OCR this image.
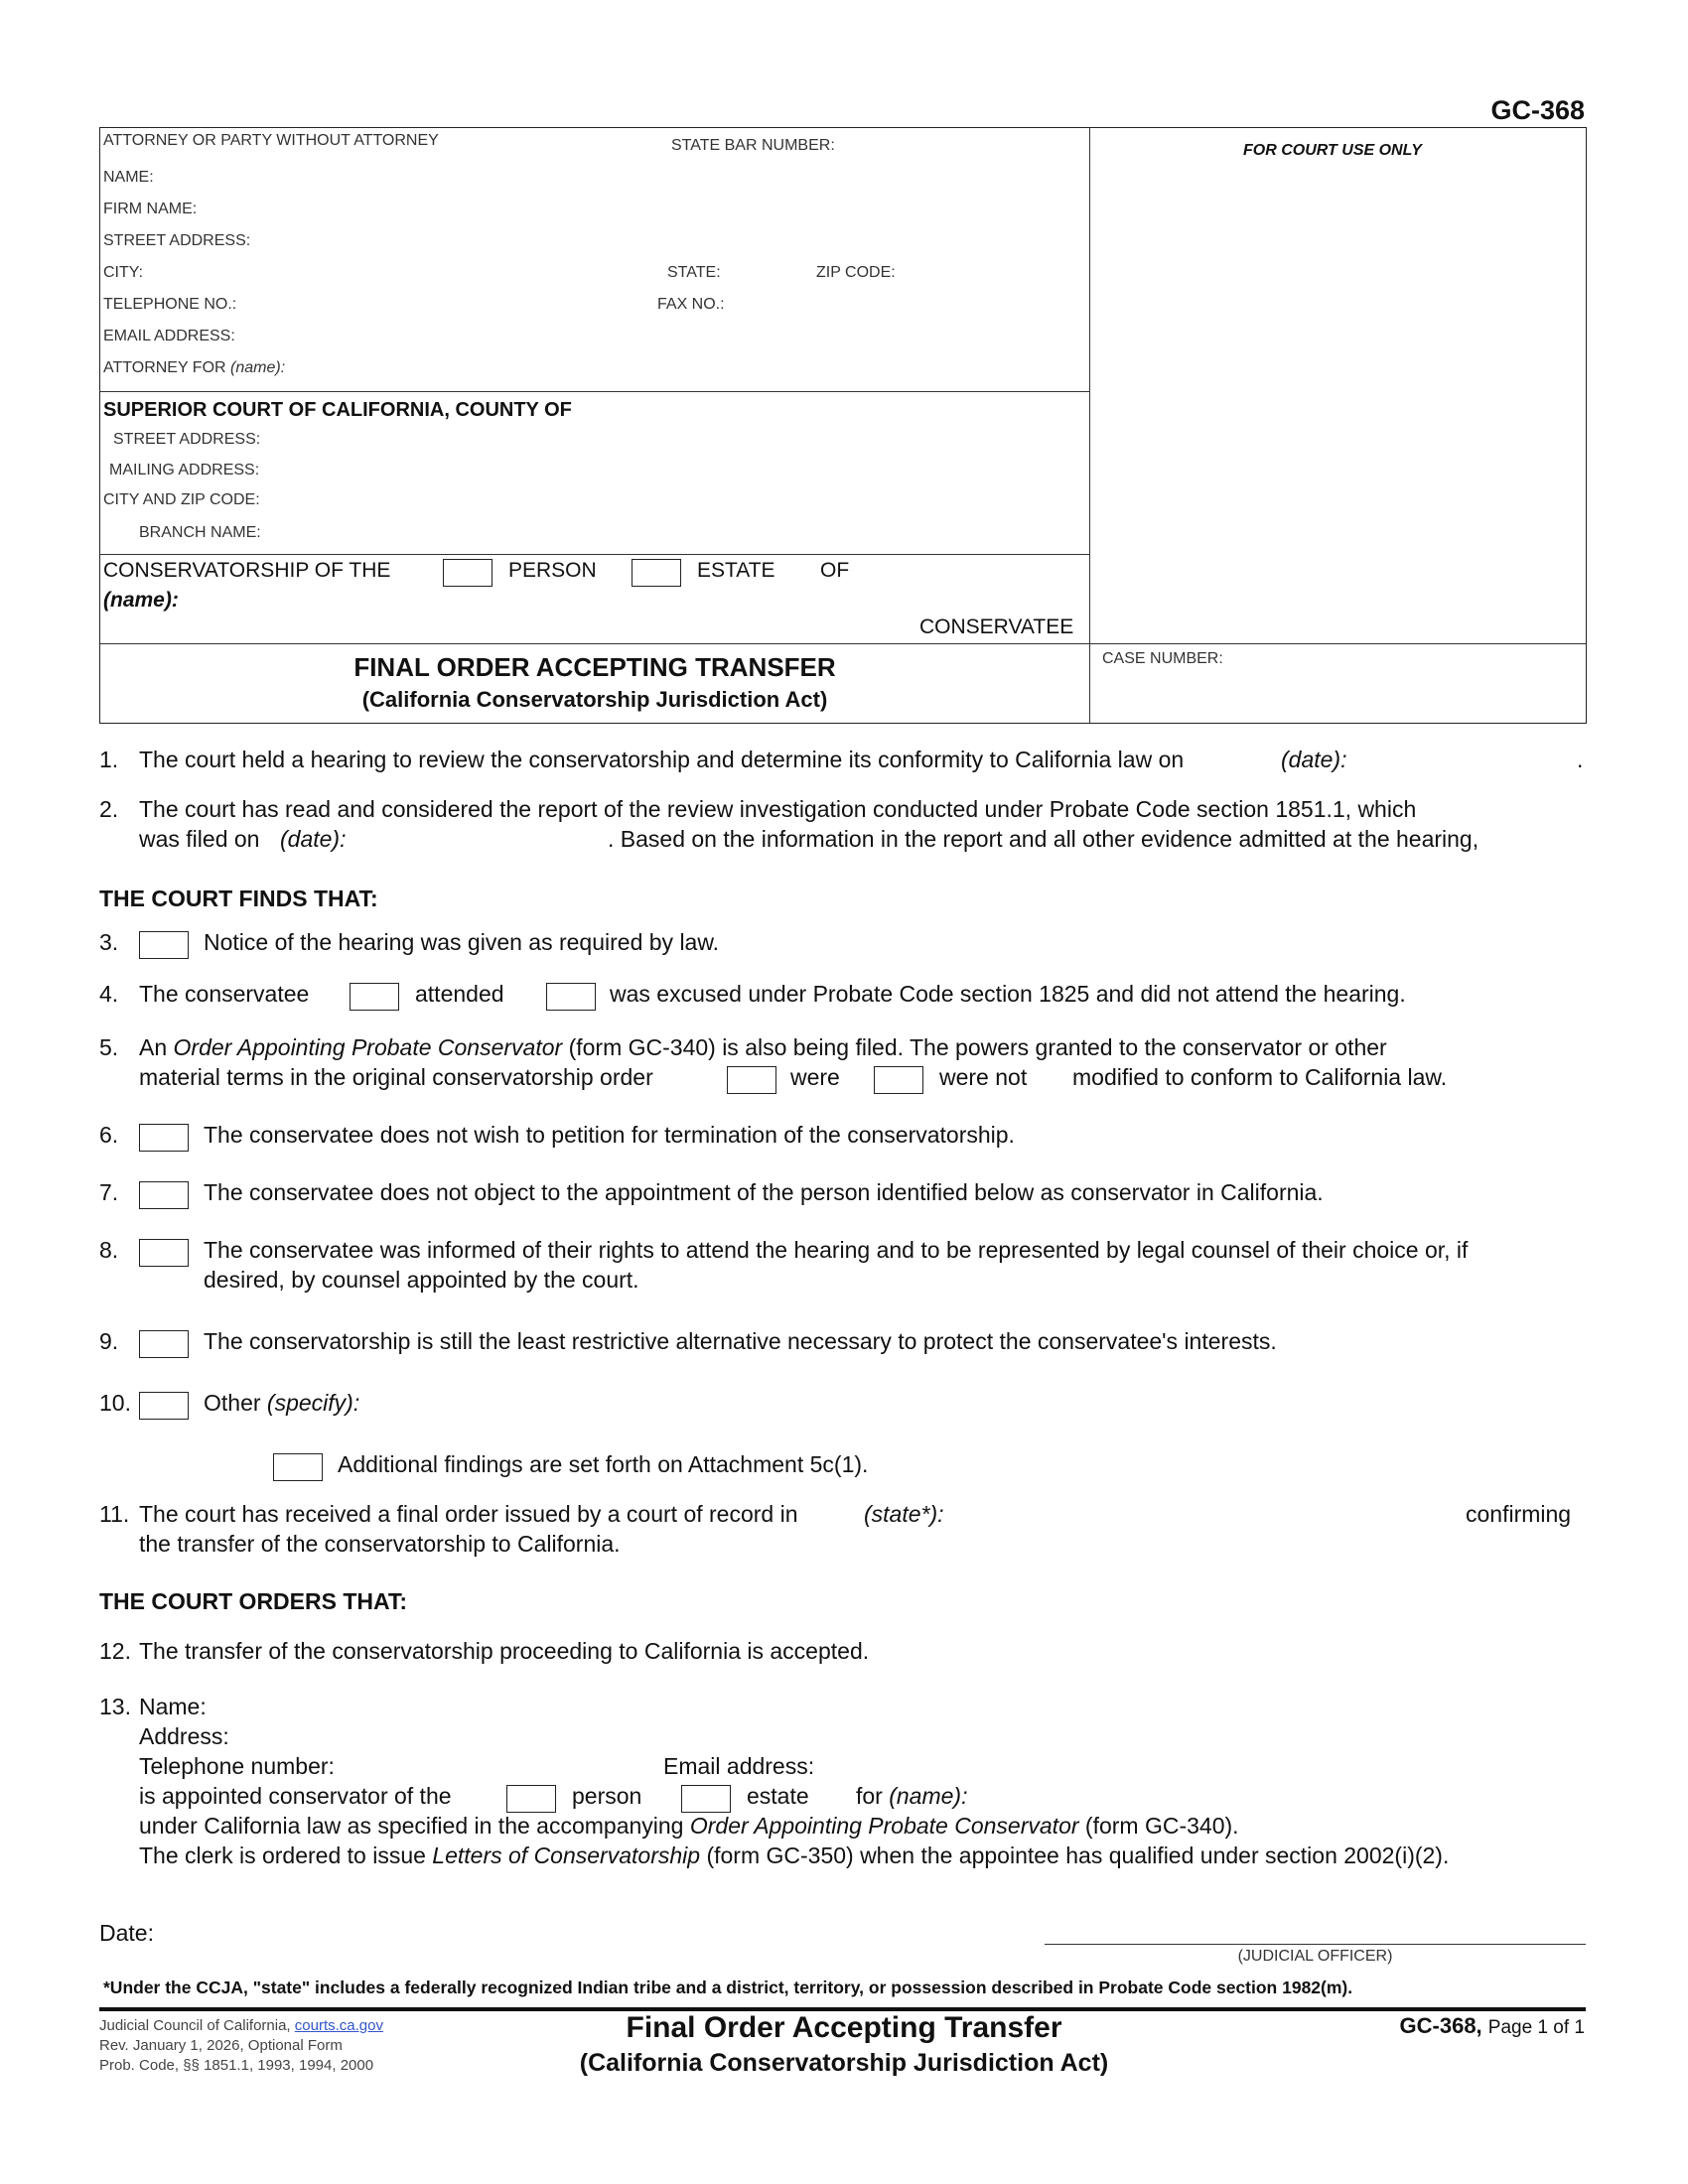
GC-368
ATTORNEY OR PARTY WITHOUT ATTORNEY	STATE BAR NUMBER:	FOR COURT USE ONLY
NAME:
FIRM NAME:
STREET ADDRESS:
CITY:	STATE:	ZIP CODE:
TELEPHONE NO.:	FAX NO.:
EMAIL ADDRESS:
ATTORNEY FOR (name):
SUPERIOR COURT OF CALIFORNIA, COUNTY OF
STREET ADDRESS:
MAILING ADDRESS:
CITY AND ZIP CODE:
BRANCH NAME:
CONSERVATORSHIP OF THE	PERSON	ESTATE OF
(name):
CONSERVATEE
FINAL ORDER ACCEPTING TRANSFER
(California Conservatorship Jurisdiction Act)
CASE NUMBER:
1. The court held a hearing to review the conservatorship and determine its conformity to California law on	(date):	.
2. The court has read and considered the report of the review investigation conducted under Probate Code section 1851.1, which
was filed on (date):	. Based on the information in the report and all other evidence admitted at the hearing,
THE COURT FINDS THAT:
3.	Notice of the hearing was given as required by law.
4. The conservatee	attended	was excused under Probate Code section 1825 and did not attend the hearing.
5. An Order Appointing Probate Conservator (form GC-340) is also being filed. The powers granted to the conservator or other
material terms in the original conservatorship order	were	were not modified to conform to California law.
6.	The conservatee does not wish to petition for termination of the conservatorship.
7.	The conservatee does not object to the appointment of the person identified below as conservator in California.
8.	The conservatee was informed of their rights to attend the hearing and to be represented by legal counsel of their choice or, if
desired, by counsel appointed by the court.
9.	The conservatorship is still the least restrictive alternative necessary to protect the conservatee's interests.
10.	Other (specify):
Additional findings are set forth on Attachment 5c(1).
11. The court has received a final order issued by a court of record in	(state*):	confirming
the transfer of the conservatorship to California.
THE COURT ORDERS THAT:
12. The transfer of the conservatorship proceeding to California is accepted.
13. Name:
Address:
Telephone number:	Email address:
is appointed conservator of the	person	estate for (name):
under California law as specified in the accompanying Order Appointing Probate Conservator (form GC-340).
The clerk is ordered to issue Letters of Conservatorship (form GC-350) when the appointee has qualified under section 2002(i)(2).
Date:
(JUDICIAL OFFICER)
*Under the CCJA, "state" includes a federally recognized Indian tribe and a district, territory, or possession described in Probate Code section 1982(m).
Judicial Council of California, courts.ca.gov
Rev. January 1, 2026, Optional Form
Prob. Code, §§ 1851.1, 1993, 1994, 2000
Final Order Accepting Transfer
(California Conservatorship Jurisdiction Act)
GC-368, Page 1 of 1
